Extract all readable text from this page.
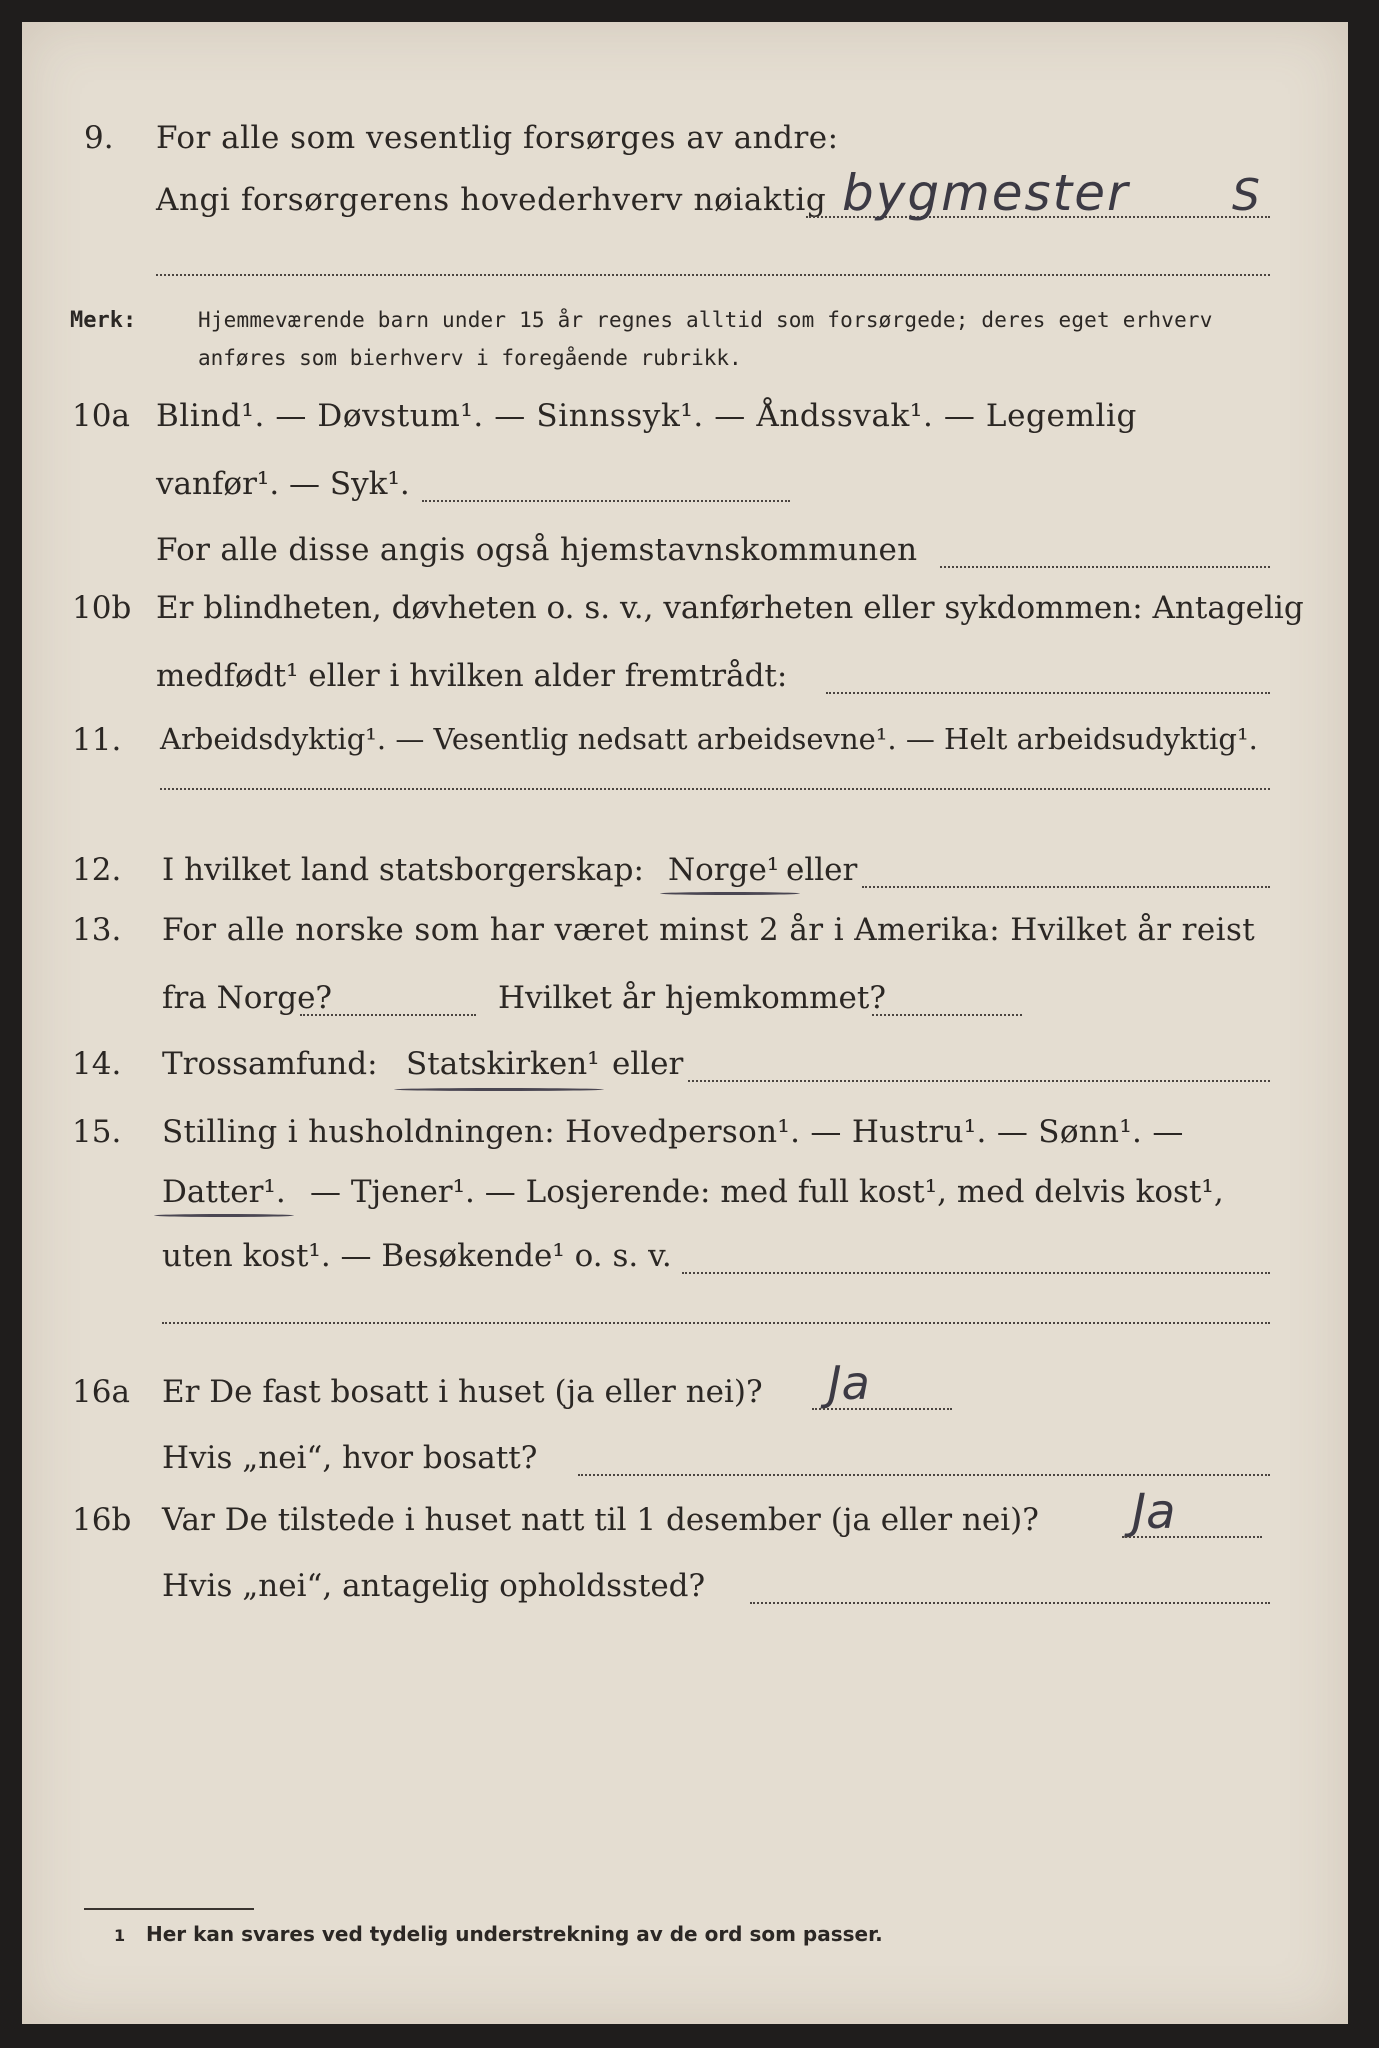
9. For alle som vesentlig forsørges av andre:
Angi forsørgerens hovederhverv nøiaktig bygmester S
Merk:	Hjemmeværende barn under 15 år regnes alltid som forsørgede; deres eget erhverv
anføres som bierhverv i foregående rubrikk.
10a Blind¹. — Døvstum¹. — Sinnssyk¹. — Åndssvak¹. — Legemlig
vanfør¹. — Syk¹.
For alle disse angis også hjemstavnskommunen
10b Er blindheten, døvheten o. s. v., vanførheten eller sykdommen: Antagelig
medfødt¹ eller i hvilken alder fremtrådt:
11. Arbeidsdyktig¹. — Vesentlig nedsatt arbeidsevne¹. — Helt arbeidsudyktig¹.
12. I hvilket land statsborgerskap: Norge¹ eller
13. For alle norske som har været minst 2 år i Amerika: Hvilket år reist
fra Norge?	Hvilket år hjemkommet?
14. Trossamfund: Statskirken¹ eller
15. Stilling i husholdningen: Hovedperson¹. — Hustru¹. — Sønn¹. —
Datter¹. — Tjener¹. — Losjerende: med full kost¹, med delvis kost¹,
uten kost¹. — Besøkende¹ o. s. v.
16a Er De fast bosatt i huset (ja eller nei)? Ja
Hvis „nei“, hvor bosatt?
16b Var De tilstede i huset natt til 1 desember (ja eller nei)? Ja
Hvis „nei“, antagelig opholdssted?
1 Her kan svares ved tydelig understrekning av de ord som passer.
